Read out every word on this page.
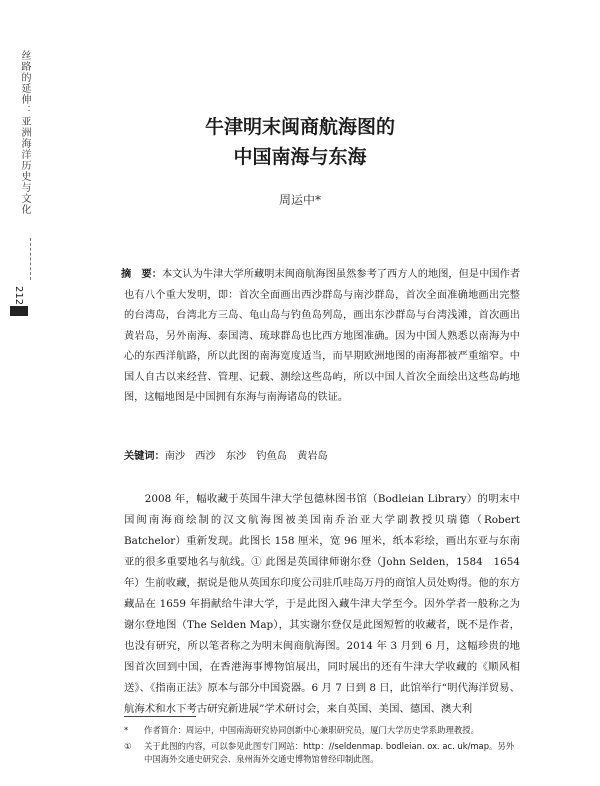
丝路的延伸：亚洲海洋历史与文化
212
牛津明末闽商航海图的
中国南海与东海
周运中*
摘　要：本文认为牛津大学所藏明末闽商航海图虽然参考了西方人的地图，但是中国作者也有八个重大发明，即：首次全面画出西沙群岛与南沙群岛，首次全面准确地画出完整的台湾岛，台湾北方三岛、龟山岛与钓鱼岛列岛，画出东沙群岛与台湾浅滩，首次画出黄岩岛，另外南海、泰国湾、琉球群岛也比西方地图准确。因为中国人熟悉以南海为中心的东西洋航路，所以此图的南海宽度适当，而早期欧洲地图的南海都被严重缩窄。中国人自古以来经营、管理、记载、测绘这些岛屿，所以中国人首次全面绘出这些岛屿地图，这幅地图是中国拥有东海与南海诸岛的铁证。
关键词：南沙　西沙　东沙　钓鱼岛　黄岩岛
2008 年，幅收藏于英国牛津大学包德林图书馆（Bodleian Library）的明末中国闽南海商绘制的汉文航海图被美国南乔治亚大学副教授贝瑞德（Robert Batchelor）重新发现。此图长 158 厘米，宽 96 厘米，纸本彩绘，画出东亚与东南亚的很多重要地名与航线。① 此图是英国律师谢尔登（John Selden，1584　1654 年）生前收藏，据说是他从英国东印度公司驻爪哇岛万丹的商馆人员处购得。他的东方藏品在 1659 年捐献给牛津大学，于是此图入藏牛津大学至今。因外学者一般称之为谢尔登地图（The Selden Map），其实谢尔登仅是此图短暂的收藏者，既不是作者，也没有研究，所以笔者称之为明末闽商航海图。2014 年 3 月到 6 月，这幅珍贵的地图首次回到中国，在香港海事博物馆展出，同时展出的还有牛津大学收藏的《顺风相送》、《指南正法》原本与部分中国瓷器。6 月 7 日到 8 日，此馆举行“明代海洋贸易、航海术和水下考古研究新进展”学术研讨会，来自英国、美国、德国、澳大利
* 作者简介：周运中，中国南海研究协同创新中心兼职研究员，厦门大学历史学系助理教授。
① 关于此图的内容，可以参见此图专门网站：http：//seldenmap. bodleian. ox. ac. uk/map。另外中国海外交通史研究会、泉州海外交通史博物馆曾经印制此图。
